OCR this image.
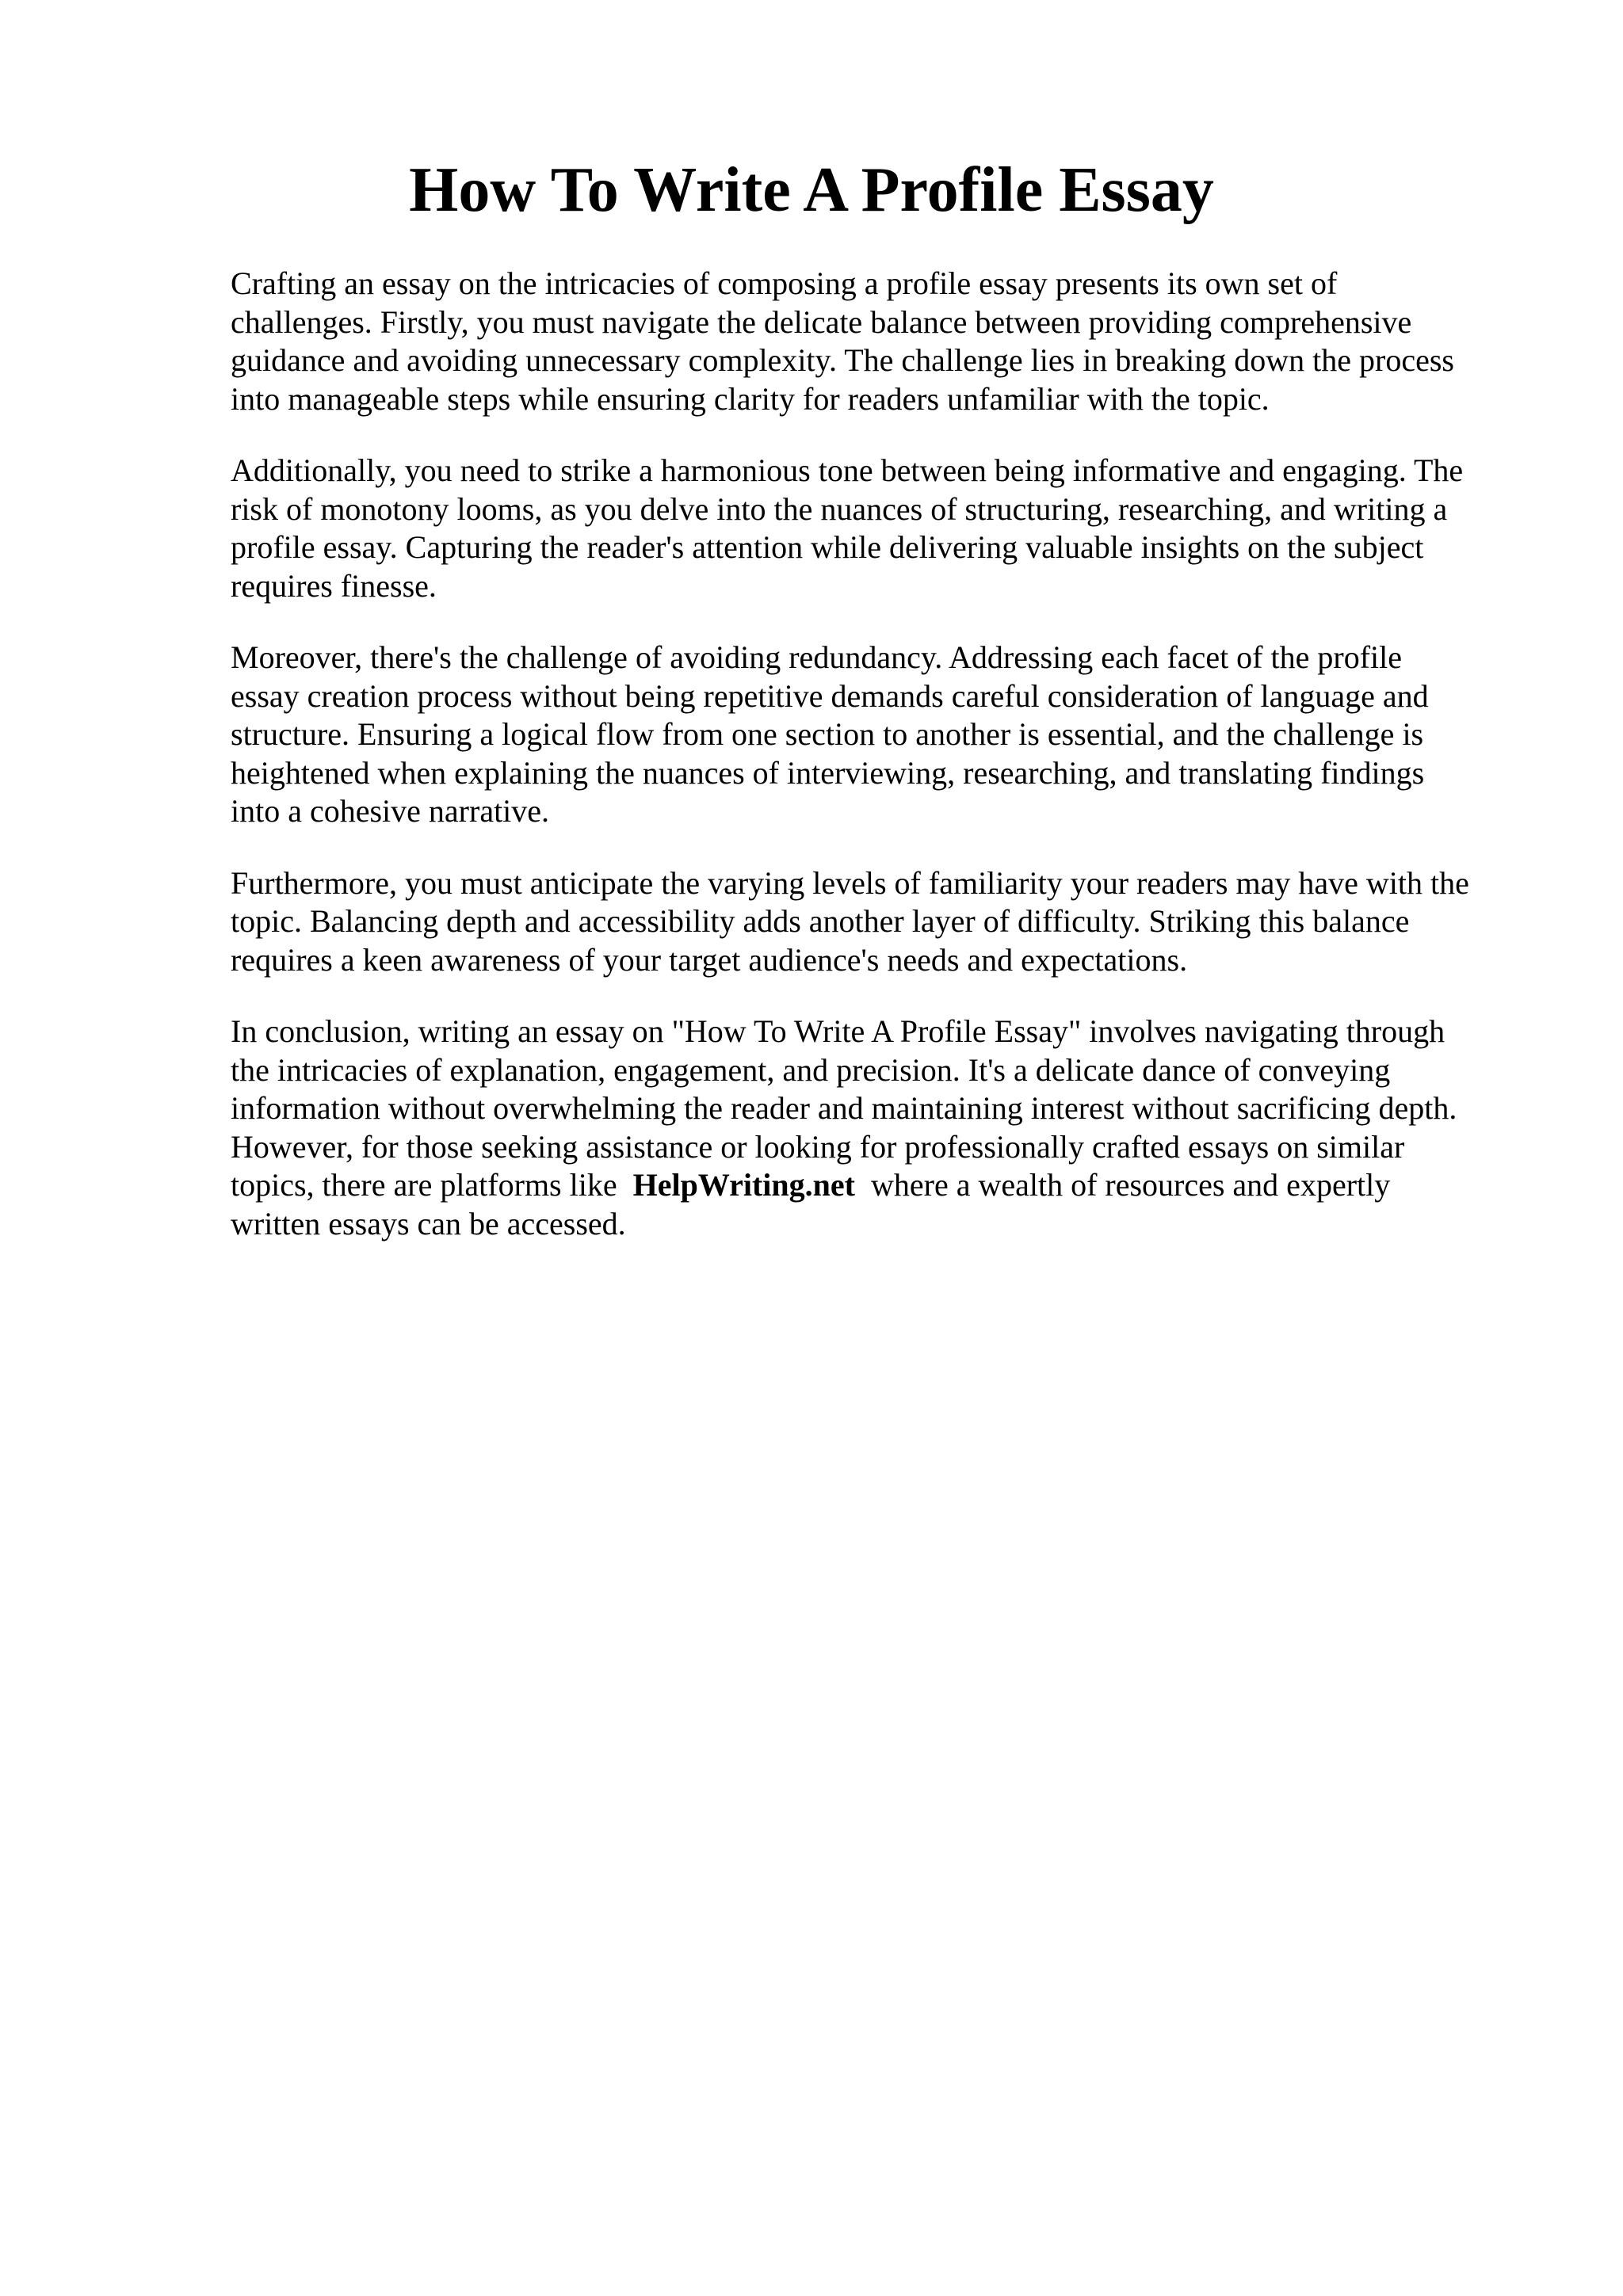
How To Write A Profile Essay

Crafting an essay on the intricacies of composing a profile essay presents its own set of
challenges. Firstly, you must navigate the delicate balance between providing comprehensive
guidance and avoiding unnecessary complexity. The challenge lies in breaking down the process
into manageable steps while ensuring clarity for readers unfamiliar with the topic.

Additionally, you need to strike a harmonious tone between being informative and engaging. The
risk of monotony looms, as you delve into the nuances of structuring, researching, and writing a
profile essay. Capturing the reader's attention while delivering valuable insights on the subject
requires finesse.

Moreover, there's the challenge of avoiding redundancy. Addressing each facet of the profile
essay creation process without being repetitive demands careful consideration of language and
structure. Ensuring a logical flow from one section to another is essential, and the challenge is
heightened when explaining the nuances of interviewing, researching, and translating findings
into a cohesive narrative.

Furthermore, you must anticipate the varying levels of familiarity your readers may have with the
topic. Balancing depth and accessibility adds another layer of difficulty. Striking this balance
requires a keen awareness of your target audience's needs and expectations.

In conclusion, writing an essay on "How To Write A Profile Essay" involves navigating through
the intricacies of explanation, engagement, and precision. It's a delicate dance of conveying
information without overwhelming the reader and maintaining interest without sacrificing depth.
However, for those seeking assistance or looking for professionally crafted essays on similar
topics, there are platforms like HelpWriting.net where a wealth of resources and expertly
written essays can be accessed.
